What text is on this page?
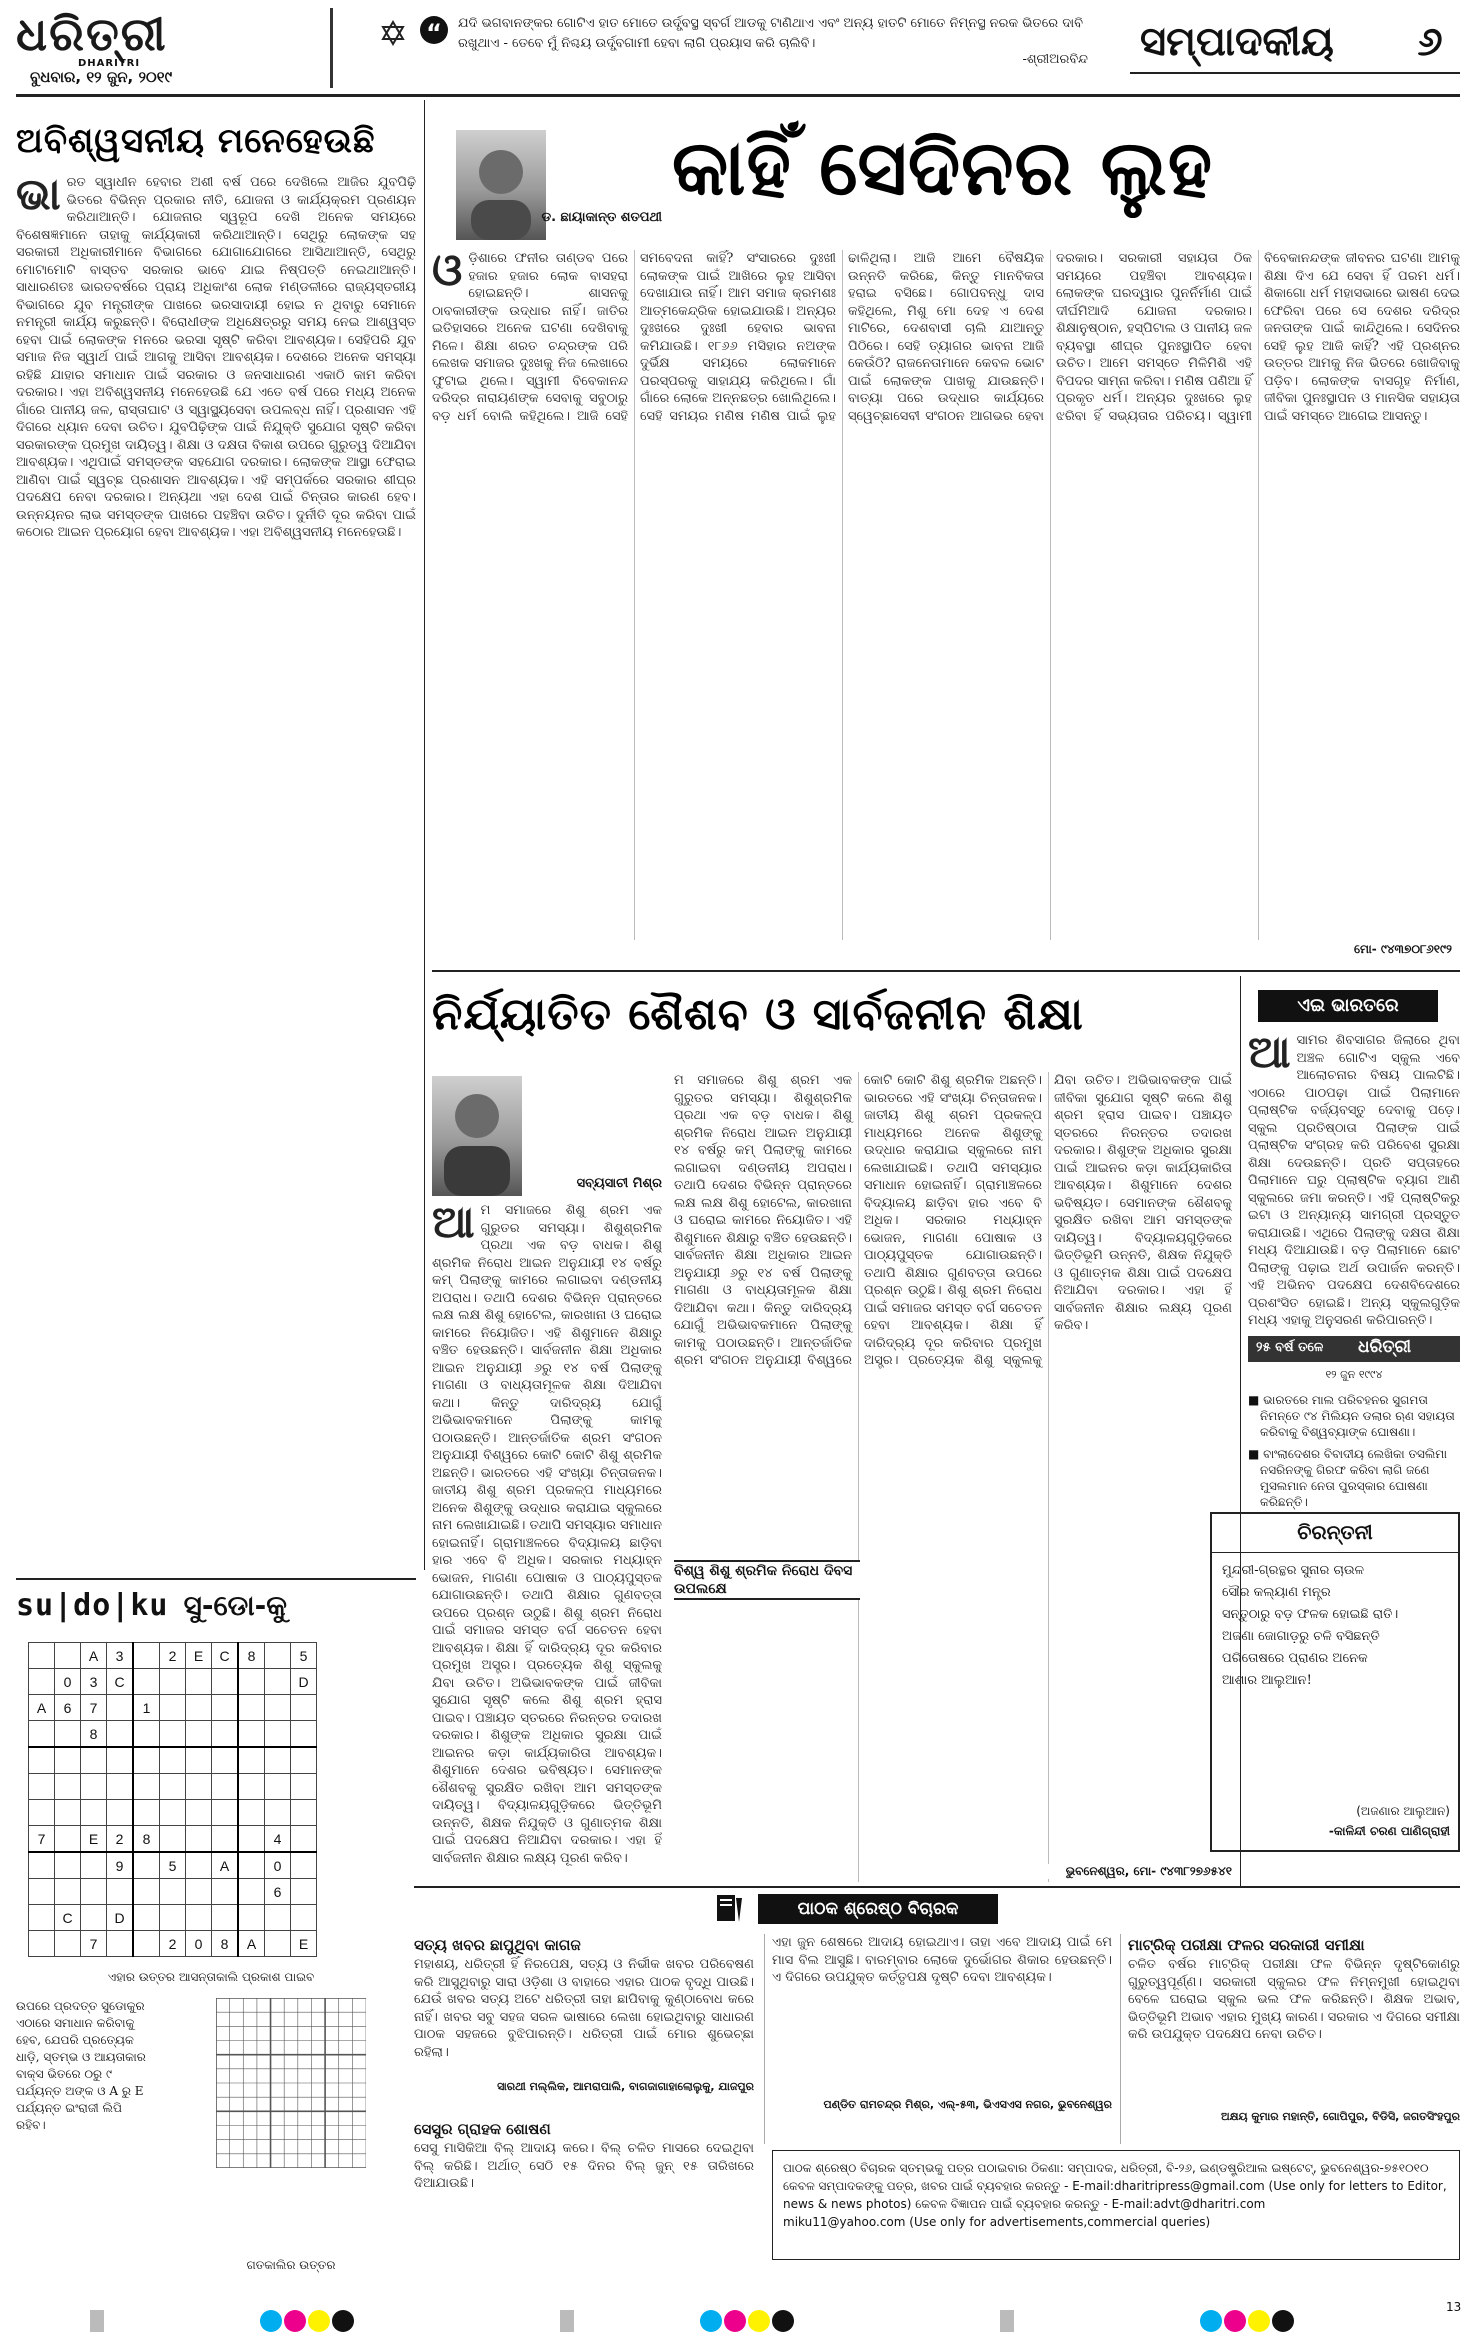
ଧରିତ୍ରୀ
DHARITRI
ବୁଧବାର, ୧୨ ଜୁନ, ୨୦୧୯
“	ଯଦି ଭଗବାନଙ୍କର ଗୋଟିଏ ହାତ ମୋତେ ଉର୍ଦ୍ଧ୍ବସ୍ଥ ସ୍ବର୍ଗ ଆଡକୁ ଟାଣିଥାଏ ଏବଂ ଅନ୍ୟ ହାତଟି ମୋତେ ନିମ୍ନସ୍ଥ ନରକ ଭିତରେ ଦାବି ରଖୁଥାଏ - ତେବେ ମୁଁ ନିଶ୍ଚୟ ଉର୍ଦ୍ଧ୍ବଗାମୀ ହେବା ଲାଗି ପ୍ରୟାସ କରି ଚାଲିବି।
-ଶ୍ରୀଅରବିନ୍ଦ ସମ୍ପାଦକୀୟ	୬
ଅବିଶ୍ୱସନୀୟ ମନେହେଉଛି
ଭାରତ ସ୍ୱାଧୀନ ହେବାର ଅଶୀ ବର୍ଷ ପରେ ଦେଖିଲେ ଆଜିର ଯୁବପିଢ଼ି ଭିତରେ ବିଭିନ୍ନ ପ୍ରକାର ନୀତି, ଯୋଜନା ଓ କାର୍ଯ୍ୟକ୍ରମ ପ୍ରଣୟନ କରିଥାଆନ୍ତି। ଯୋଜନାର ସ୍ୱରୂପ ଦେଖି ଅନେକ ସମୟରେ ବିଶେଷଜ୍ଞମାନେ ତାହାକୁ କାର୍ଯ୍ୟକାରୀ କରିଥାଆନ୍ତି। ସେଥିରୁ ଲୋକଙ୍କ ସହ ସରକାରୀ ଅଧିକାରୀମାନେ ବିଭାଗରେ ଯୋଗାଯୋଗରେ ଆସିଥାଆନ୍ତି, ସେଥିରୁ ମୋଟାମୋଟି ବାସ୍ତବ ସରକାର ଭାବେ ଯାଇ ନିଷ୍ପତ୍ତି ନେଇଥାଆନ୍ତି। ସାଧାରଣତଃ ଭାରତବର୍ଷରେ ପ୍ରାୟ ଅଧିକାଂଶ ଲୋକ ମଣ୍ଡଳୀରେ ରାଜ୍ୟସ୍ତରୀୟ ବିଭାଗରେ ଯୁବ ମନ୍ତ୍ରୀଙ୍କ ପାଖରେ ଭରସାଦାୟୀ ହୋଇ ନ ଥିବାରୁ ସେମାନେ ନମନ୍ତ୍ରୀ କାର୍ଯ୍ୟ କରୁଛନ୍ତି। ବିରୋଧୀଙ୍କ ଅଧିକ୍ଷେତ୍ରରୁ ସମୟ ନେଇ ଆଶ୍ୱସ୍ତ ହେବା ପାଇଁ ଲୋକଙ୍କ ମନରେ ଭରସା ସୃଷ୍ଟି କରିବା ଆବଶ୍ୟକ। ସେହିପରି ଯୁବ ସମାଜ ନିଜ ସ୍ୱାର୍ଥ ପାଇଁ ଆଗକୁ ଆସିବା ଆବଶ୍ୟକ। ଦେଶରେ ଅନେକ ସମସ୍ୟା ରହିଛି ଯାହାର ସମାଧାନ ପାଇଁ ସରକାର ଓ ଜନସାଧାରଣ ଏକାଠି କାମ କରିବା ଦରକାର। ଏହା ଅବିଶ୍ୱସନୀୟ ମନେହେଉଛି ଯେ ଏତେ ବର୍ଷ ପରେ ମଧ୍ୟ ଅନେକ ଗାଁରେ ପାନୀୟ ଜଳ, ରାସ୍ତାଘାଟ ଓ ସ୍ୱାସ୍ଥ୍ୟସେବା ଉପଲବ୍ଧ ନାହିଁ। ପ୍ରଶାସନ ଏହି ଦିଗରେ ଧ୍ୟାନ ଦେବା ଉଚିତ। ଯୁବପିଢ଼ିଙ୍କ ପାଇଁ ନିଯୁକ୍ତି ସୁଯୋଗ ସୃଷ୍ଟି କରିବା ସରକାରଙ୍କ ପ୍ରମୁଖ ଦାୟିତ୍ୱ। ଶିକ୍ଷା ଓ ଦକ୍ଷତା ବିକାଶ ଉପରେ ଗୁରୁତ୍ୱ ଦିଆଯିବା ଆବଶ୍ୟକ। ଏଥିପାଇଁ ସମସ୍ତଙ୍କ ସହଯୋଗ ଦରକାର। ଲୋକଙ୍କ ଆସ୍ଥା ଫେରାଇ ଆଣିବା ପାଇଁ ସ୍ୱଚ୍ଛ ପ୍ରଶାସନ ଆବଶ୍ୟକ। ଏହି ସମ୍ପର୍କରେ ସରକାର ଶୀଘ୍ର ପଦକ୍ଷେପ ନେବା ଦରକାର। ଅନ୍ୟଥା ଏହା ଦେଶ ପାଇଁ ଚିନ୍ତାର କାରଣ ହେବ। ଉନ୍ନୟନର ଲାଭ ସମସ୍ତଙ୍କ ପାଖରେ ପହଞ୍ଚିବା ଉଚିତ। ଦୁର୍ନୀତି ଦୂର କରିବା ପାଇଁ କଠୋର ଆଇନ ପ୍ରୟୋଗ ହେବା ଆବଶ୍ୟକ। ଏହା ଅବିଶ୍ୱସନୀୟ ମନେହେଉଛି।
ଡ. ଛାୟାକାନ୍ତ ଶତପଥୀ
କାହିଁ ସେଦିନର ଲୁହ
ଓଡ଼ିଶାରେ ଫନୀର ତାଣ୍ଡବ ପରେ ହଜାର ହଜାର ଲୋକ ବାସହରା ହୋଇଛନ୍ତି। ଶାସନକୁ ଠାବକାରୀଙ୍କ ଉଦ୍ଧାର ନାହିଁ। ଜାତିର ଇତିହାସରେ ଅନେକ ଘଟଣା ଦେଖିବାକୁ ମିଳେ। ଶିକ୍ଷା ଶରତ ଚନ୍ଦ୍ରଙ୍କ ପରି ଲେଖକ ସମାଜର ଦୁଃଖକୁ ନିଜ ଲେଖାରେ ଫୁଟାଇ ଥିଲେ। ସ୍ୱାମୀ ବିବେକାନନ୍ଦ ଦରିଦ୍ର ନାରାୟଣଙ୍କ ସେବାକୁ ସବୁଠାରୁ ବଡ଼ ଧର୍ମ ବୋଲି କହିଥିଲେ। ଆଜି ସେହି ସମବେଦନା କାହିଁ? ସଂସାରରେ ଦୁଃଖୀ ଲୋକଙ୍କ ପାଇଁ ଆଖିରେ ଲୁହ ଆସିବା ଦେଖାଯାଉ ନାହିଁ। ଆମ ସମାଜ କ୍ରମଶଃ ଆତ୍ମକେନ୍ଦ୍ରିକ ହୋଇଯାଉଛି। ଅନ୍ୟର ଦୁଃଖରେ ଦୁଃଖୀ ହେବାର ଭାବନା କମିଯାଉଛି। ୧୮୬୬ ମସିହାର ନଅଙ୍କ ଦୁର୍ଭିକ୍ଷ ସମୟରେ ଲୋକମାନେ ପରସ୍ପରକୁ ସାହାଯ୍ୟ କରିଥିଲେ। ଗାଁ ଗାଁରେ ଲୋକେ ଅନ୍ନଛତ୍ର ଖୋଲିଥିଲେ। ସେହି ସମୟର ମଣିଷ ମଣିଷ ପାଇଁ ଲୁହ ଢାଳିଥିଲା। ଆଜି ଆମେ ବୈଷୟିକ ଉନ୍ନତି କରିଛେ, କିନ୍ତୁ ମାନବିକତା ହରାଇ ବସିଛେ। ଗୋପବନ୍ଧୁ ଦାସ କହିଥିଲେ, ମିଶୁ ମୋ ଦେହ ଏ ଦେଶ ମାଟିରେ, ଦେଶବାସୀ ଚାଲି ଯାଆନ୍ତୁ ପିଠିରେ। ସେହି ତ୍ୟାଗର ଭାବନା ଆଜି କେଉଁଠି? ରାଜନେତାମାନେ କେବଳ ଭୋଟ ପାଇଁ ଲୋକଙ୍କ ପାଖକୁ ଯାଉଛନ୍ତି। ବାତ୍ୟା ପରେ ଉଦ୍ଧାର କାର୍ଯ୍ୟରେ ସ୍ୱେଚ୍ଛାସେବୀ ସଂଗଠନ ଆଗଭର ହେବା ଦରକାର। ସରକାରୀ ସହାୟତା ଠିକ ସମୟରେ ପହଞ୍ଚିବା ଆବଶ୍ୟକ। ଲୋକଙ୍କ ଘରଦ୍ୱାର ପୁନର୍ନିର୍ମାଣ ପାଇଁ ଦୀର୍ଘମିଆଦି ଯୋଜନା ଦରକାର। ଶିକ୍ଷାନୁଷ୍ଠାନ, ହସ୍ପିଟାଲ ଓ ପାନୀୟ ଜଳ ବ୍ୟବସ୍ଥା ଶୀଘ୍ର ପୁନଃସ୍ଥାପିତ ହେବା ଉଚିତ। ଆମେ ସମସ୍ତେ ମିଳିମିଶି ଏହି ବିପଦର ସାମ୍ନା କରିବା। ମଣିଷ ପଣିଆ ହିଁ ପ୍ରକୃତ ଧର୍ମ। ଅନ୍ୟର ଦୁଃଖରେ ଲୁହ ଝରିବା ହିଁ ସଭ୍ୟତାର ପରିଚୟ। ସ୍ୱାମୀ ବିବେକାନନ୍ଦଙ୍କ ଜୀବନର ଘଟଣା ଆମକୁ ଶିକ୍ଷା ଦିଏ ଯେ ସେବା ହିଁ ପରମ ଧର୍ମ। ଶିକାଗୋ ଧର୍ମ ମହାସଭାରେ ଭାଷଣ ଦେଇ ଫେରିବା ପରେ ସେ ଦେଶର ଦରିଦ୍ର ଜନତାଙ୍କ ପାଇଁ କାନ୍ଦିଥିଲେ। ସେଦିନର ସେହି ଲୁହ ଆଜି କାହିଁ? ଏହି ପ୍ରଶ୍ନର ଉତ୍ତର ଆମକୁ ନିଜ ଭିତରେ ଖୋଜିବାକୁ ପଡ଼ିବ। ଲୋକଙ୍କ ବାସଗୃହ ନିର୍ମାଣ, ଜୀବିକା ପୁନଃସ୍ଥାପନ ଓ ମାନସିକ ସହାୟତା ପାଇଁ ସମସ୍ତେ ଆଗେଇ ଆସନ୍ତୁ।
ମୋ- ୯୪୩୭୦୮୬୧୯୨
ନିର୍ଯ୍ୟାତିତ ଶୈଶବ ଓ ସାର୍ବଜନୀନ ଶିକ୍ଷା
ସବ୍ୟସାଚୀ ମିଶ୍ର
ଆମ ସମାଜରେ ଶିଶୁ ଶ୍ରମ ଏକ ଗୁରୁତର ସମସ୍ୟା। ଶିଶୁଶ୍ରମିକ ପ୍ରଥା ଏକ ବଡ଼ ବାଧକ। ଶିଶୁ ଶ୍ରମିକ ନିରୋଧ ଆଇନ ଅନୁଯାୟୀ ୧୪ ବର୍ଷରୁ କମ୍ ପିଲାଙ୍କୁ କାମରେ ଲଗାଇବା ଦଣ୍ଡନୀୟ ଅପରାଧ। ତଥାପି ଦେଶର ବିଭିନ୍ନ ପ୍ରାନ୍ତରେ ଲକ୍ଷ ଲକ୍ଷ ଶିଶୁ ହୋଟେଲ, କାରଖାନା ଓ ଘରୋଇ କାମରେ ନିୟୋଜିତ। ଏହି ଶିଶୁମାନେ ଶିକ୍ଷାରୁ ବଞ୍ଚିତ ହେଉଛନ୍ତି। ସାର୍ବଜନୀନ ଶିକ୍ଷା ଅଧିକାର ଆଇନ ଅନୁଯାୟୀ ୬ରୁ ୧୪ ବର୍ଷ ପିଲାଙ୍କୁ ମାଗଣା ଓ ବାଧ୍ୟତାମୂଳକ ଶିକ୍ଷା ଦିଆଯିବା କଥା। କିନ୍ତୁ ଦାରିଦ୍ର୍ୟ ଯୋଗୁଁ ଅଭିଭାବକମାନେ ପିଲାଙ୍କୁ କାମକୁ ପଠାଉଛନ୍ତି। ଆନ୍ତର୍ଜାତିକ ଶ୍ରମ ସଂଗଠନ ଅନୁଯାୟୀ ବିଶ୍ୱରେ କୋଟି କୋଟି ଶିଶୁ ଶ୍ରମିକ ଅଛନ୍ତି। ଭାରତରେ ଏହି ସଂଖ୍ୟା ଚିନ୍ତାଜନକ। ଜାତୀୟ ଶିଶୁ ଶ୍ରମ ପ୍ରକଳ୍ପ ମାଧ୍ୟମରେ ଅନେକ ଶିଶୁଙ୍କୁ ଉଦ୍ଧାର କରାଯାଇ ସ୍କୁଲରେ ନାମ ଲେଖାଯାଇଛି। ତଥାପି ସମସ୍ୟାର ସମାଧାନ ହୋଇନାହିଁ। ଗ୍ରାମାଞ୍ଚଳରେ ବିଦ୍ୟାଳୟ ଛାଡ଼ିବା ହାର ଏବେ ବି ଅଧିକ। ସରକାର ମଧ୍ୟାହ୍ନ ଭୋଜନ, ମାଗଣା ପୋଷାକ ଓ ପାଠ୍ୟପୁସ୍ତକ ଯୋଗାଉଛନ୍ତି। ତଥାପି ଶିକ୍ଷାର ଗୁଣବତ୍ତା ଉପରେ ପ୍ରଶ୍ନ ଉଠୁଛି। ଶିଶୁ ଶ୍ରମ ନିରୋଧ ପାଇଁ ସମାଜର ସମସ୍ତ ବର୍ଗ ସଚେତନ ହେବା ଆବଶ୍ୟକ। ଶିକ୍ଷା ହିଁ ଦାରିଦ୍ର୍ୟ ଦୂର କରିବାର ପ୍ରମୁଖ ଅସ୍ତ୍ର। ପ୍ରତ୍ୟେକ ଶିଶୁ ସ୍କୁଲକୁ ଯିବା ଉଚିତ। ଅଭିଭାବକଙ୍କ ପାଇଁ ଜୀବିକା ସୁଯୋଗ ସୃଷ୍ଟି କଲେ ଶିଶୁ ଶ୍ରମ ହ୍ରାସ ପାଇବ। ପଞ୍ଚାୟତ ସ୍ତରରେ ନିରନ୍ତର ତଦାରଖ ଦରକାର। ଶିଶୁଙ୍କ ଅଧିକାର ସୁରକ୍ଷା ପାଇଁ ଆଇନର କଡ଼ା କାର୍ଯ୍ୟକାରିତା ଆବଶ୍ୟକ। ଶିଶୁମାନେ ଦେଶର ଭବିଷ୍ୟତ। ସେମାନଙ୍କ ଶୈଶବକୁ ସୁରକ୍ଷିତ ରଖିବା ଆମ ସମସ୍ତଙ୍କ ଦାୟିତ୍ୱ। ବିଦ୍ୟାଳୟଗୁଡ଼ିକରେ ଭିତ୍ତିଭୂମି ଉନ୍ନତି, ଶିକ୍ଷକ ନିଯୁକ୍ତି ଓ ଗୁଣାତ୍ମକ ଶିକ୍ଷା ପାଇଁ ପଦକ୍ଷେପ ନିଆଯିବା ଦରକାର। ଏହା ହିଁ ସାର୍ବଜନୀନ ଶିକ୍ଷାର ଲକ୍ଷ୍ୟ ପୂରଣ କରିବ।
ମ ସମାଜରେ ଶିଶୁ ଶ୍ରମ ଏକ ଗୁରୁତର ସମସ୍ୟା। ଶିଶୁଶ୍ରମିକ ପ୍ରଥା ଏକ ବଡ଼ ବାଧକ। ଶିଶୁ ଶ୍ରମିକ ନିରୋଧ ଆଇନ ଅନୁଯାୟୀ ୧୪ ବର୍ଷରୁ କମ୍ ପିଲାଙ୍କୁ କାମରେ ଲଗାଇବା ଦଣ୍ଡନୀୟ ଅପରାଧ। ତଥାପି ଦେଶର ବିଭିନ୍ନ ପ୍ରାନ୍ତରେ ଲକ୍ଷ ଲକ୍ଷ ଶିଶୁ ହୋଟେଲ, କାରଖାନା ଓ ଘରୋଇ କାମରେ ନିୟୋଜିତ। ଏହି ଶିଶୁମାନେ ଶିକ୍ଷାରୁ ବଞ୍ଚିତ ହେଉଛନ୍ତି। ସାର୍ବଜନୀନ ଶିକ୍ଷା ଅଧିକାର ଆଇନ ଅନୁଯାୟୀ ୬ରୁ ୧୪ ବର୍ଷ ପିଲାଙ୍କୁ ମାଗଣା ଓ ବାଧ୍ୟତାମୂଳକ ଶିକ୍ଷା ଦିଆଯିବା କଥା। କିନ୍ତୁ ଦାରିଦ୍ର୍ୟ ଯୋଗୁଁ ଅଭିଭାବକମାନେ ପିଲାଙ୍କୁ କାମକୁ ପଠାଉଛନ୍ତି। ଆନ୍ତର୍ଜାତିକ ଶ୍ରମ ସଂଗଠନ ଅନୁଯାୟୀ ବିଶ୍ୱରେ କୋଟି କୋଟି ଶିଶୁ ଶ୍ରମିକ ଅଛନ୍ତି। ଭାରତରେ ଏହି ସଂଖ୍ୟା ଚିନ୍ତାଜନକ। ଜାତୀୟ ଶିଶୁ ଶ୍ରମ ପ୍ରକଳ୍ପ ମାଧ୍ୟମରେ ଅନେକ ଶିଶୁଙ୍କୁ ଉଦ୍ଧାର କରାଯାଇ ସ୍କୁଲରେ ନାମ ଲେଖାଯାଇଛି। ତଥାପି ସମସ୍ୟାର ସମାଧାନ ହୋଇନାହିଁ। ଗ୍ରାମାଞ୍ଚଳରେ ବିଦ୍ୟାଳୟ ଛାଡ଼ିବା ହାର ଏବେ ବି ଅଧିକ। ସରକାର ମଧ୍ୟାହ୍ନ ଭୋଜନ, ମାଗଣା ପୋଷାକ ଓ ପାଠ୍ୟପୁସ୍ତକ ଯୋଗାଉଛନ୍ତି। ତଥାପି ଶିକ୍ଷାର ଗୁଣବତ୍ତା ଉପରେ ପ୍ରଶ୍ନ ଉଠୁଛି। ଶିଶୁ ଶ୍ରମ ନିରୋଧ ପାଇଁ ସମାଜର ସମସ୍ତ ବର୍ଗ ସଚେତନ ହେବା ଆବଶ୍ୟକ। ଶିକ୍ଷା ହିଁ ଦାରିଦ୍ର୍ୟ ଦୂର କରିବାର ପ୍ରମୁଖ ଅସ୍ତ୍ର। ପ୍ରତ୍ୟେକ ଶିଶୁ ସ୍କୁଲକୁ ଯିବା ଉଚିତ। ଅଭିଭାବକଙ୍କ ପାଇଁ ଜୀବିକା ସୁଯୋଗ ସୃଷ୍ଟି କଲେ ଶିଶୁ ଶ୍ରମ ହ୍ରାସ ପାଇବ। ପଞ୍ଚାୟତ ସ୍ତରରେ ନିରନ୍ତର ତଦାରଖ ଦରକାର। ଶିଶୁଙ୍କ ଅଧିକାର ସୁରକ୍ଷା ପାଇଁ ଆଇନର କଡ଼ା କାର୍ଯ୍ୟକାରିତା ଆବଶ୍ୟକ। ଶିଶୁମାନେ ଦେଶର ଭବିଷ୍ୟତ। ସେମାନଙ୍କ ଶୈଶବକୁ ସୁରକ୍ଷିତ ରଖିବା ଆମ ସମସ୍ତଙ୍କ ଦାୟିତ୍ୱ। ବିଦ୍ୟାଳୟଗୁଡ଼ିକରେ ଭିତ୍ତିଭୂମି ଉନ୍ନତି, ଶିକ୍ଷକ ନିଯୁକ୍ତି ଓ ଗୁଣାତ୍ମକ ଶିକ୍ଷା ପାଇଁ ପଦକ୍ଷେପ ନିଆଯିବା ଦରକାର। ଏହା ହିଁ ସାର୍ବଜନୀନ ଶିକ୍ଷାର ଲକ୍ଷ୍ୟ ପୂରଣ କରିବ।
ବିଶ୍ୱ ଶିଶୁ ଶ୍ରମିକ ନିରୋଧ ଦିବସ ଉପଲକ୍ଷେ
ଭୁବନେଶ୍ୱର, ମୋ- ୯୪୩୮୨୭୬୫୪୧
ଏଇ ଭାରତରେ
ଆସାମର ଶିବସାଗର ଜିଲାରେ ଥିବା ଅଞ୍ଚଳ ଗୋଟିଏ ସ୍କୁଲ ଏବେ ଆଲୋଚନାର ବିଷୟ ପାଲଟିଛି। ଏଠାରେ ପାଠପଢ଼ା ପାଇଁ ପିଲାମାନେ ପ୍ଲାଷ୍ଟିକ ବର୍ଜ୍ୟବସ୍ତୁ ଦେବାକୁ ପଡ଼େ। ସ୍କୁଲ ପ୍ରତିଷ୍ଠାତା ପିଲାଙ୍କ ପାଇଁ ପ୍ଲାଷ୍ଟିକ ସଂଗ୍ରହ କରି ପରିବେଶ ସୁରକ୍ଷା ଶିକ୍ଷା ଦେଉଛନ୍ତି। ପ୍ରତି ସପ୍ତାହରେ ପିଲାମାନେ ଘରୁ ପ୍ଲାଷ୍ଟିକ ବ୍ୟାଗ ଆଣି ସ୍କୁଲରେ ଜମା କରନ୍ତି। ଏହି ପ୍ଲାଷ୍ଟିକରୁ ଇଟା ଓ ଅନ୍ୟାନ୍ୟ ସାମଗ୍ରୀ ପ୍ରସ୍ତୁତ କରାଯାଉଛି। ଏଥିରେ ପିଲାଙ୍କୁ ଦକ୍ଷତା ଶିକ୍ଷା ମଧ୍ୟ ଦିଆଯାଉଛି। ବଡ଼ ପିଲାମାନେ ଛୋଟ ପିଲାଙ୍କୁ ପଢ଼ାଇ ଅର୍ଥ ଉପାର୍ଜନ କରନ୍ତି। ଏହି ଅଭିନବ ପଦକ୍ଷେପ ଦେଶବିଦେଶରେ ପ୍ରଶଂସିତ ହୋଇଛି। ଅନ୍ୟ ସ୍କୁଲଗୁଡ଼ିକ ମଧ୍ୟ ଏହାକୁ ଅନୁସରଣ କରିପାରନ୍ତି।
୨୫ ବର୍ଷ ତଳେ ଧରିତ୍ରୀ
୧୨ ଜୁନ ୧୯୯୪
■ ଭାରତରେ ମାଲ ପରିବହନର ସୁଗମତା ନିମନ୍ତେ ୯୪ ମିଲିୟନ ଡଲାର ଋଣ ସହାୟତା କରିବାକୁ ବିଶ୍ୱବ୍ୟାଙ୍କ ଘୋଷଣା।
■ ବାଂଲାଦେଶର ବିବାଦୀୟ ଲେଖିକା ତସଲିମା ନସରିନଙ୍କୁ ଗିରଫ କରିବା ଲାଗି ଜଣେ ମୁସଲମାନ ନେତା ପୁରସ୍କାର ଘୋଷଣା କରିଛନ୍ତି।
ଚିରନ୍ତନୀ
ମୁନ୍ଦରୀ-ଗ୍ରନ୍ଥର ସୁନାର ଚାଉଳ
ସୌର କଲ୍ୟାଣ ମନ୍ତ୍ର
ସନ୍ତୁଠାରୁ ବଡ଼ ଫଳକ ହୋଇଛି ରାତି।
ଅଜଣା ଜୋଗାଡ଼ରୁ ଚଳି ବସିଛନ୍ତି
ପରିତୋଷରେ ପ୍ରାଣର ଅନେକ
ଆଶାର ଆଲୁଆନ!
(ଅଜଣାର ଆଲୁଆନ)
-କାଳିନ୍ଦୀ ଚରଣ ପାଣିଗ୍ରାହୀ
su|do|ku ସୁ-ଡୋ-କୁ
		A	3		2	E	C	8		5
	0	3	C							D
A	6	7		1						
		8								

7		E	2	8					4	
			9		5		A		0	
									6	
	C		D							
		7			2	0	8	A		E
ଏହାର ଉତ୍ତର ଆସନ୍ତାକାଲି ପ୍ରକାଶ ପାଇବ
ଉପରେ ପ୍ରଦତ୍ତ ସୁଡୋକୁର ଏଠାରେ ସମାଧାନ କରିବାକୁ ହେବ, ଯେପରି ପ୍ରତ୍ୟେକ ଧାଡ଼ି, ସ୍ତମ୍ଭ ଓ ଆୟତାକାର ବାକ୍ସ ଭିତରେ ୦ରୁ ୯ ପର୍ଯ୍ୟନ୍ତ ଅଙ୍କ ଓ A ରୁ E ପର୍ଯ୍ୟନ୍ତ ଇଂରାଜୀ ଲିପି ରହିବ।
ଗତକାଲିର ଉତ୍ତର
ପାଠକ ଶ୍ରେଷ୍ଠ ବିଚାରକ
ସତ୍ୟ ଖବର ଛାପୁଥିବା କାଗଜ
ମହାଶୟ, ଧରିତ୍ରୀ ହିଁ ନିରପେକ୍ଷ, ସତ୍ୟ ଓ ନିର୍ଭୀକ ଖବର ପରିବେଷଣ କରି ଆସୁଥିବାରୁ ସାରା ଓଡ଼ିଶା ଓ ବାହାରେ ଏହାର ପାଠକ ବୃଦ୍ଧି ପାଉଛି। ଯେଉଁ ଖବର ସତ୍ୟ ଅଟେ ଧରିତ୍ରୀ ତାହା ଛାପିବାକୁ କୁଣ୍ଠାବୋଧ କରେ ନାହିଁ। ଖବର ସବୁ ସହଜ ସରଳ ଭାଷାରେ ଲେଖା ହୋଇଥିବାରୁ ସାଧାରଣ ପାଠକ ସହଜରେ ବୁଝିପାରନ୍ତି। ଧରିତ୍ରୀ ପାଇଁ ମୋର ଶୁଭେଚ୍ଛା ରହିଲା।
ସାରଥୀ ମଲ୍ଲିକ, ଆମରାପାଲି, ବାଗଜାଗାହାଲୋଲୁକୁ, ଯାଜପୁର
ସେସୁର ଗ୍ରାହକ ଶୋଷଣ
ସେସୁ ମାସିକିଆ ବିଲ୍ ଆଦାୟ କରେ। ବିଲ୍ ଚଳିତ ମାସରେ ଦେଇଥିବା ବିଲ୍ କରିଛି। ଅର୍ଥାତ୍ ସେଠି ୧୫ ଦିନର ବିଲ୍ ଜୁନ୍ ୧୫ ତାରିଖରେ ଦିଆଯାଉଛି।
ଏହା ଜୁନ ଶେଷରେ ଆଦାୟ ହୋଇଥାଏ। ତାହା ଏବେ ଆଦାୟ ପାଇଁ ମେ ମାସ ବିଲ ଆସୁଛି। ବାରମ୍ବାର ଲୋକେ ଦୁର୍ଭୋଗର ଶିକାର ହେଉଛନ୍ତି। ଏ ଦିଗରେ ଉପଯୁକ୍ତ କର୍ତ୍ତୃପକ୍ଷ ଦୃଷ୍ଟି ଦେବା ଆବଶ୍ୟକ।
ପଣ୍ଡିତ ରାମଚନ୍ଦ୍ର ମିଶ୍ର, ଏଲ୍-୫୩, ଭିଏସଏସ ନଗର, ଭୁବନେଶ୍ୱର
ମାଟ୍ରିକ୍ ପରୀକ୍ଷା ଫଳର ସରକାରୀ ସମୀକ୍ଷା
ଚଳିତ ବର୍ଷର ମାଟ୍ରିକ୍ ପରୀକ୍ଷା ଫଳ ବିଭିନ୍ନ ଦୃଷ୍ଟିକୋଣରୁ ଗୁରୁତ୍ୱପୂର୍ଣ୍ଣ। ସରକାରୀ ସ୍କୁଲର ଫଳ ନିମ୍ନମୁଖୀ ହୋଇଥିବା ବେଳେ ଘରୋଇ ସ୍କୁଲ ଭଲ ଫଳ କରିଛନ୍ତି। ଶିକ୍ଷକ ଅଭାବ, ଭିତ୍ତିଭୂମି ଅଭାବ ଏହାର ମୁଖ୍ୟ କାରଣ। ସରକାର ଏ ଦିଗରେ ସମୀକ୍ଷା କରି ଉପଯୁକ୍ତ ପଦକ୍ଷେପ ନେବା ଉଚିତ।
ଅକ୍ଷୟ କୁମାର ମହାନ୍ତି, ଗୋପିପୁର, ବିଡିସି, ଜଗତସିଂହପୁର
ପାଠକ ଶ୍ରେଷ୍ଠ ବିଚାରକ ସ୍ତମ୍ଭକୁ ପତ୍ର ପଠାଇବାର ଠିକଣା: ସମ୍ପାଦକ, ଧରିତ୍ରୀ, ବି-୨୬, ଇଣ୍ଡଷ୍ଟ୍ରିଆଲ ଇଷ୍ଟେଟ୍, ଭୁବନେଶ୍ୱର-୭୫୧୦୧୦
କେବଳ ସମ୍ପାଦକଙ୍କୁ ପତ୍ର, ଖବର ପାଇଁ ବ୍ୟବହାର କରନ୍ତୁ - E-mail:dharitripress@gmail.com (Use only for letters to Editor, news & news photos) କେବଳ ବିଜ୍ଞାପନ ପାଇଁ ବ୍ୟବହାର କରନ୍ତୁ - E-mail:advt@dharitri.com
miku11@yahoo.com (Use only for advertisements,commercial queries)
13
